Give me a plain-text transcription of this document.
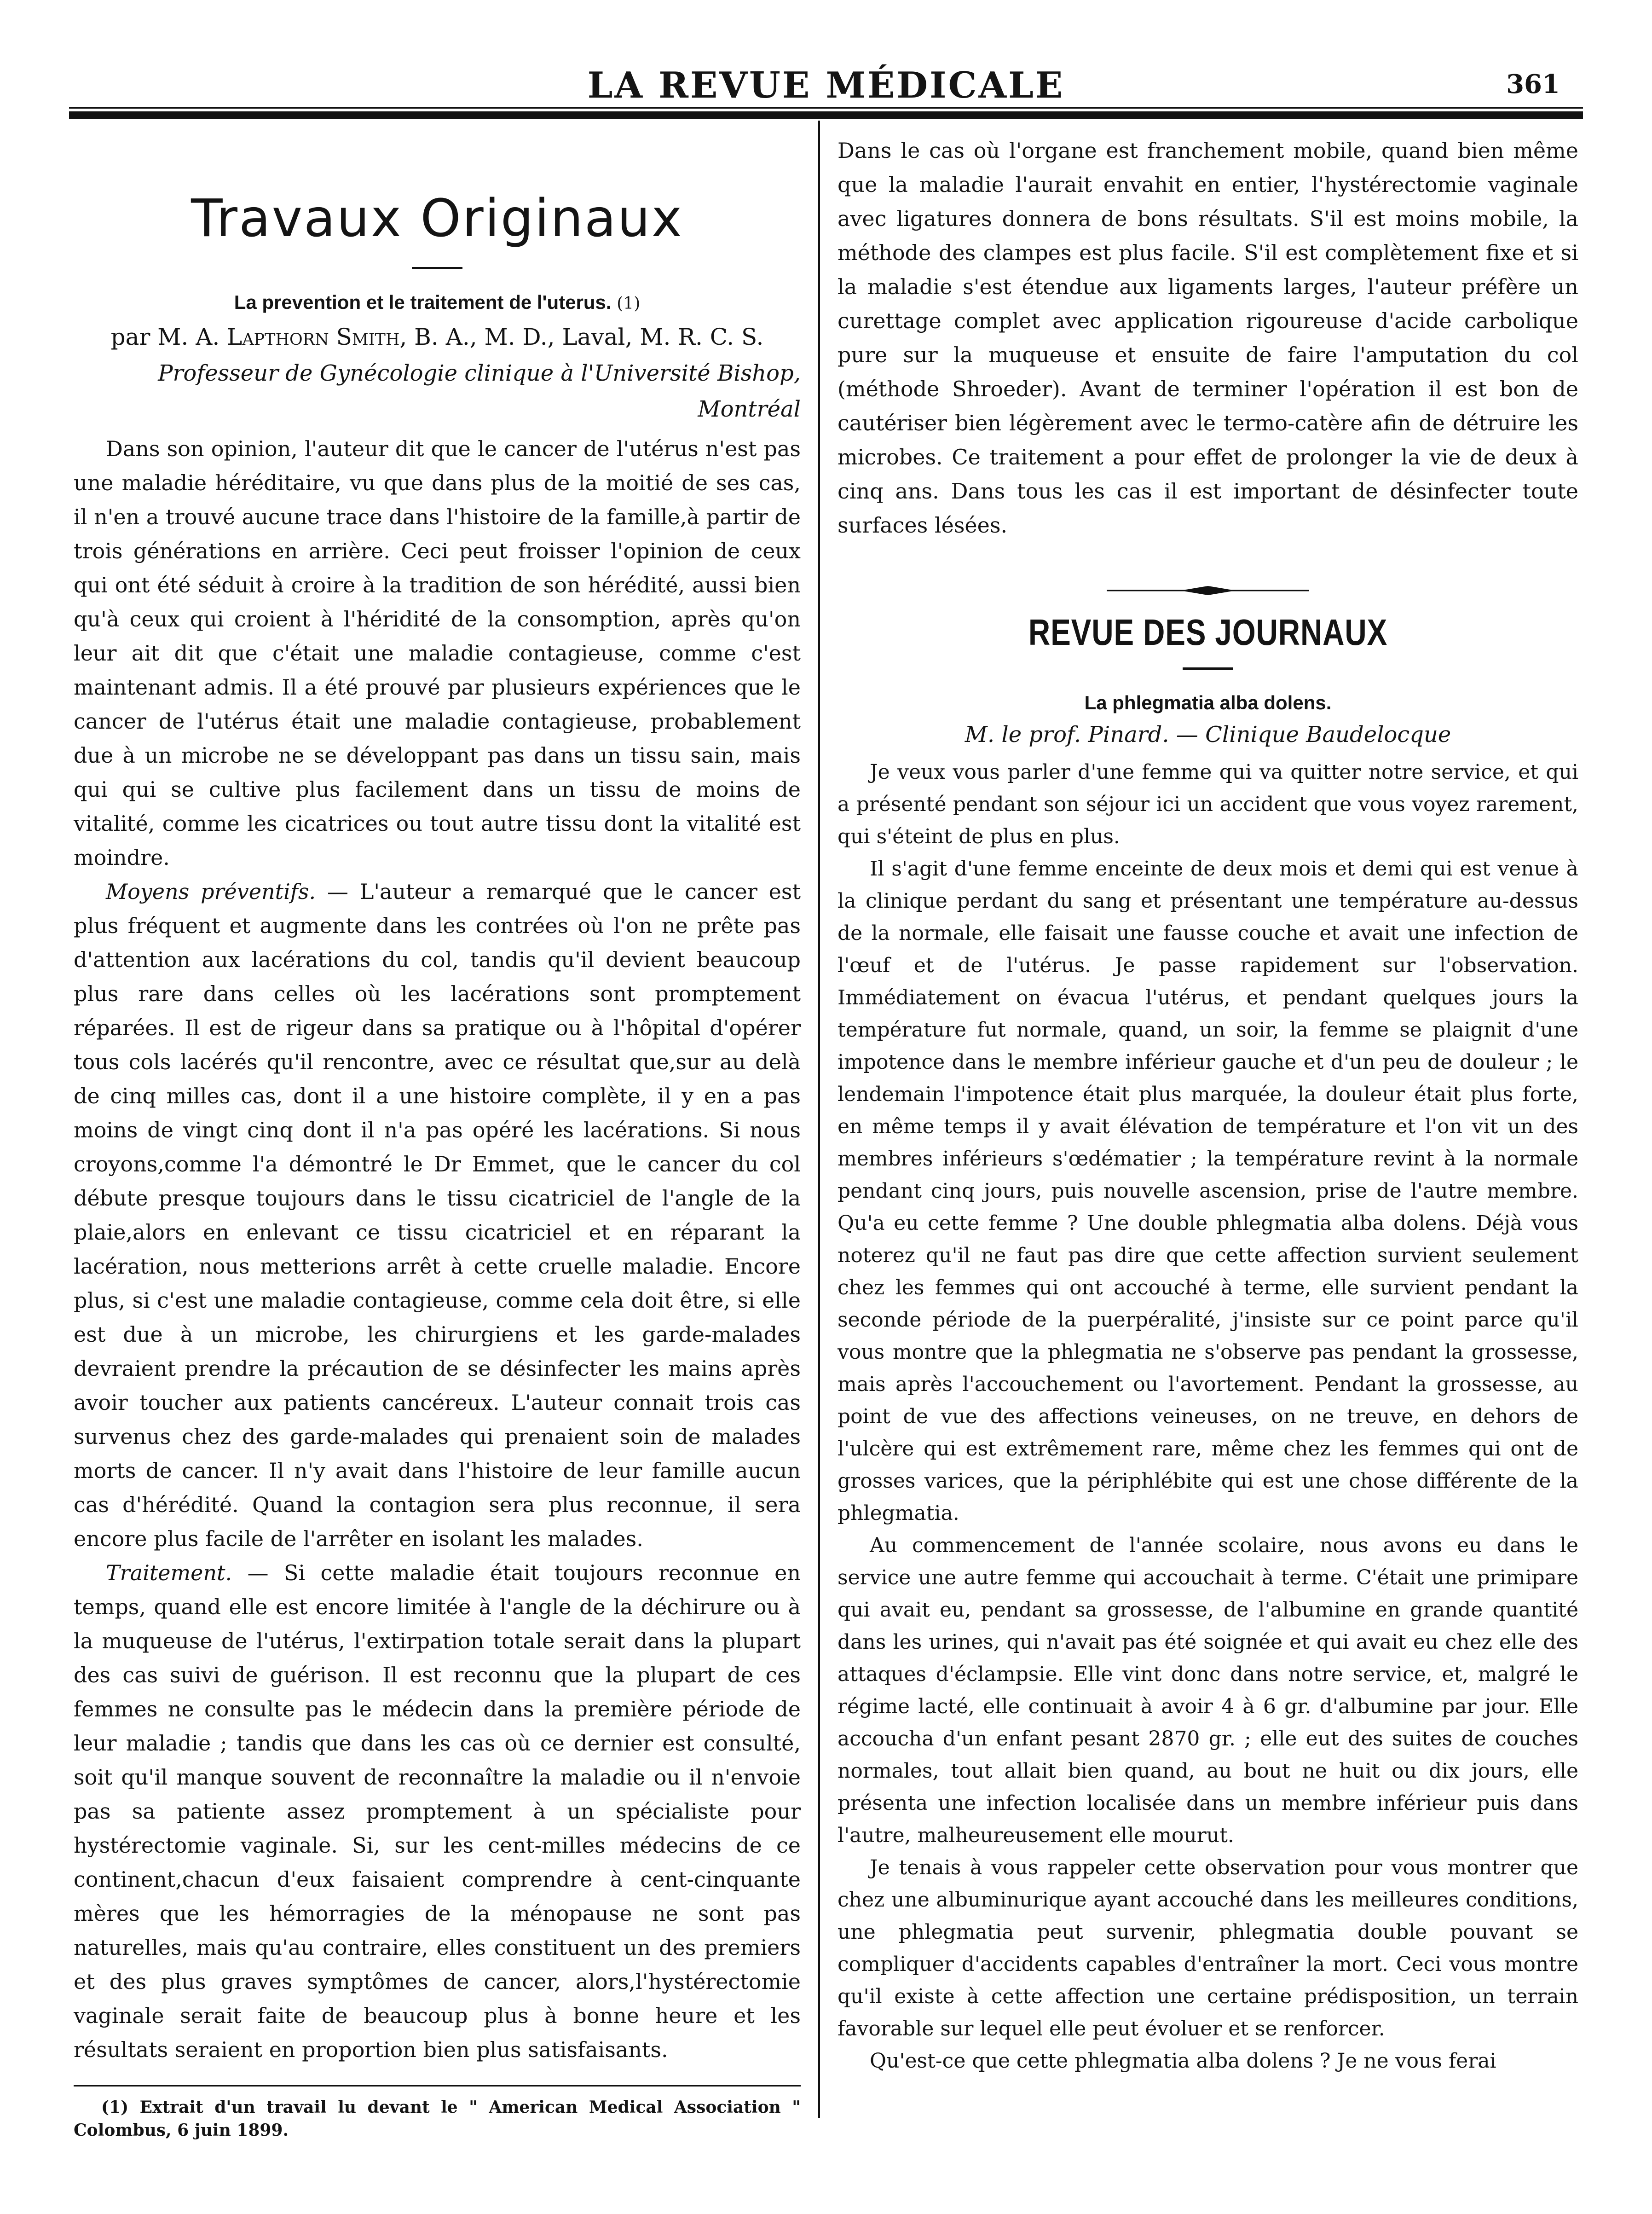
LA REVUE MÉDICALE	361
Travaux Originaux
La prevention et le traitement de l'uterus. (1)
par M. A. Lapthorn Smith, B. A., M. D., Laval, M. R. C. S.
Professeur de Gynécologie clinique à l'Université Bishop, Montréal

Dans son opinion, l'auteur dit que le cancer de l'utérus n'est pas une maladie héréditaire, vu que dans plus de la moitié de ses cas, il n'en a trouvé aucune trace dans l'histoire de la famille,à partir de trois générations en arrière. Ceci peut froisser l'opinion de ceux qui ont été séduit à croire à la tradition de son hérédité, aussi bien qu'à ceux qui croient à l'héridité de la consomption, après qu'on leur ait dit que c'était une maladie contagieuse, comme c'est maintenant admis. Il a été prouvé par plusieurs expériences que le cancer de l'utérus était une maladie contagieuse, probablement due à un microbe ne se développant pas dans un tissu sain, mais qui qui se cultive plus facilement dans un tissu de moins de vitalité, comme les cicatrices ou tout autre tissu dont la vitalité est moindre.

Moyens préventifs. — L'auteur a remarqué que le cancer est plus fréquent et augmente dans les contrées où l'on ne prête pas d'attention aux lacérations du col, tandis qu'il devient beaucoup plus rare dans celles où les lacérations sont promptement réparées. Il est de rigeur dans sa pratique ou à l'hôpital d'opérer tous cols lacérés qu'il rencontre, avec ce résultat que,sur au delà de cinq milles cas, dont il a une histoire complète, il y en a pas moins de vingt cinq dont il n'a pas opéré les lacérations. Si nous croyons,comme l'a démontré le Dr Emmet, que le cancer du col débute presque toujours dans le tissu cicatriciel de l'angle de la plaie,alors en enlevant ce tissu cicatriciel et en réparant la lacération, nous metterions arrêt à cette cruelle maladie. Encore plus, si c'est une maladie contagieuse, comme cela doit être, si elle est due à un microbe, les chirurgiens et les garde-malades devraient prendre la précaution de se désinfecter les mains après avoir toucher aux patients cancéreux. L'auteur connait trois cas survenus chez des garde-malades qui prenaient soin de malades morts de cancer. Il n'y avait dans l'histoire de leur famille aucun cas d'hérédité. Quand la contagion sera plus reconnue, il sera encore plus facile de l'arrêter en isolant les malades.

Traitement. — Si cette maladie était toujours reconnue en temps, quand elle est encore limitée à l'angle de la déchirure ou à la muqueuse de l'utérus, l'extirpation totale serait dans la plupart des cas suivi de guérison. Il est reconnu que la plupart de ces femmes ne consulte pas le médecin dans la première période de leur maladie ; tandis que dans les cas où ce dernier est consulté, soit qu'il manque souvent de reconnaître la maladie ou il n'envoie pas sa patiente assez promptement à un spécialiste pour hystérectomie vaginale. Si, sur les cent-milles médecins de ce continent,chacun d'eux faisaient comprendre à cent-cinquante mères que les hémorragies de la ménopause ne sont pas naturelles, mais qu'au contraire, elles constituent un des premiers et des plus graves symptômes de cancer, alors,l'hystérectomie vaginale serait faite de beaucoup plus à bonne heure et les résultats seraient en proportion bien plus satisfaisants.

(1) Extrait d'un travail lu devant le " American Medical Association " Colombus, 6 juin 1899.

Dans le cas où l'organe est franchement mobile, quand bien même que la maladie l'aurait envahit en entier, l'hystérectomie vaginale avec ligatures donnera de bons résultats. S'il est moins mobile, la méthode des clampes est plus facile. S'il est complètement fixe et si la maladie s'est étendue aux ligaments larges, l'auteur préfère un curettage complet avec application rigoureuse d'acide carbolique pure sur la muqueuse et ensuite de faire l'amputation du col (méthode Shroeder). Avant de terminer l'opération il est bon de cautériser bien légèrement avec le termo-catère afin de détruire les microbes. Ce traitement a pour effet de prolonger la vie de deux à cinq ans. Dans tous les cas il est important de désinfecter toute surfaces lésées.

REVUE DES JOURNAUX
La phlegmatia alba dolens.
M. le prof. Pinard. — Clinique Baudelocque

Je veux vous parler d'une femme qui va quitter notre service, et qui a présenté pendant son séjour ici un accident que vous voyez rarement, qui s'éteint de plus en plus.

Il s'agit d'une femme enceinte de deux mois et demi qui est venue à la clinique perdant du sang et présentant une température au-dessus de la normale, elle faisait une fausse couche et avait une infection de l'œuf et de l'utérus. Je passe rapidement sur l'observation. Immédiatement on évacua l'utérus, et pendant quelques jours la température fut normale, quand, un soir, la femme se plaignit d'une impotence dans le membre inférieur gauche et d'un peu de douleur ; le lendemain l'impotence était plus marquée, la douleur était plus forte, en même temps il y avait élévation de température et l'on vit un des membres inférieurs s'œdématier ; la température revint à la normale pendant cinq jours, puis nouvelle ascension, prise de l'autre membre. Qu'a eu cette femme ? Une double phlegmatia alba dolens. Déjà vous noterez qu'il ne faut pas dire que cette affection survient seulement chez les femmes qui ont accouché à terme, elle survient pendant la seconde période de la puerpéralité, j'insiste sur ce point parce qu'il vous montre que la phlegmatia ne s'observe pas pendant la grossesse, mais après l'accouchement ou l'avortement. Pendant la grossesse, au point de vue des affections veineuses, on ne treuve, en dehors de l'ulcère qui est extrêmement rare, même chez les femmes qui ont de grosses varices, que la périphlébite qui est une chose différente de la phlegmatia.

Au commencement de l'année scolaire, nous avons eu dans le service une autre femme qui accouchait à terme. C'était une primipare qui avait eu, pendant sa grossesse, de l'albumine en grande quantité dans les urines, qui n'avait pas été soignée et qui avait eu chez elle des attaques d'éclampsie. Elle vint donc dans notre service, et, malgré le régime lacté, elle continuait à avoir 4 à 6 gr. d'albumine par jour. Elle accoucha d'un enfant pesant 2870 gr. ; elle eut des suites de couches normales, tout allait bien quand, au bout ne huit ou dix jours, elle présenta une infection localisée dans un membre inférieur puis dans l'autre, malheureusement elle mourut.

Je tenais à vous rappeler cette observation pour vous montrer que chez une albuminurique ayant accouché dans les meilleures conditions, une phlegmatia peut survenir, phlegmatia double pouvant se compliquer d'accidents capables d'entraîner la mort. Ceci vous montre qu'il existe à cette affection une certaine prédisposition, un terrain favorable sur lequel elle peut évoluer et se renforcer.

Qu'est-ce que cette phlegmatia alba dolens ? Je ne vous ferai
